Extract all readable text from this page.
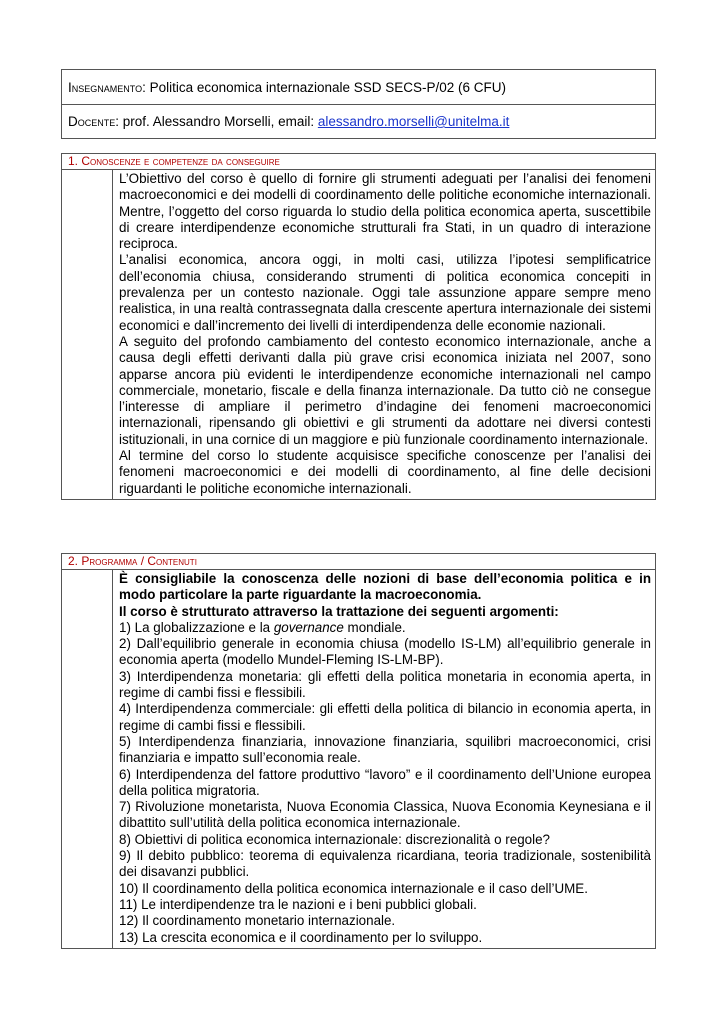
Insegnamento : Politica economica internazionale SSD SECS-P/02 (6 CFU)
Docente : prof. Alessandro Morselli, email: alessandro.morselli@unitelma.it
1. Conoscenze e competenze da conseguire

L’Obiettivo del corso è quello di fornire gli strumenti adeguati per l’analisi dei fenomeni macroeconomici e dei modelli di coordinamento delle politiche economiche internazionali. Mentre, l’oggetto del corso riguarda lo studio della politica economica aperta, suscettibile di creare interdipendenze economiche strutturali fra Stati, in un quadro di interazione reciproca.

L’analisi economica, ancora oggi, in molti casi, utilizza l’ipotesi semplificatrice dell’economia chiusa, considerando strumenti di politica economica concepiti in prevalenza per un contesto nazionale. Oggi tale assunzione appare sempre meno realistica, in una realtà contrassegnata dalla crescente apertura internazionale dei sistemi economici e dall’incremento dei livelli di interdipendenza delle economie nazionali.

A seguito del profondo cambiamento del contesto economico internazionale, anche a causa degli effetti derivanti dalla più grave crisi economica iniziata nel 2007, sono apparse ancora più evidenti le interdipendenze economiche internazionali nel campo commerciale, monetario, fiscale e della finanza internazionale. Da tutto ciò ne consegue l’interesse di ampliare il perimetro d’indagine dei fenomeni macroeconomici internazionali, ripensando gli obiettivi e gli strumenti da adottare nei diversi contesti istituzionali, in una cornice di un maggiore e più funzionale coordinamento internazionale.

Al termine del corso lo studente acquisisce specifiche conoscenze per l’analisi dei fenomeni macroeconomici e dei modelli di coordinamento, al fine delle decisioni riguardanti le politiche economiche internazionali.

2. Programma / Contenuti

È consigliabile la conoscenza delle nozioni di base dell’economia politica e in modo particolare la parte riguardante la macroeconomia.

Il corso è strutturato attraverso la trattazione dei seguenti argomenti:

1) La globalizzazione e la governance mondiale.

2) Dall’equilibrio generale in economia chiusa (modello IS-LM) all’equilibrio generale in economia aperta (modello Mundel-Fleming IS-LM-BP).

3) Interdipendenza monetaria: gli effetti della politica monetaria in economia aperta, in regime di cambi fissi e flessibili.

4) Interdipendenza commerciale: gli effetti della politica di bilancio in economia aperta, in regime di cambi fissi e flessibili.

5) Interdipendenza finanziaria, innovazione finanziaria, squilibri macroeconomici, crisi finanziaria e impatto sull’economia reale.

6) Interdipendenza del fattore produttivo “lavoro” e il coordinamento dell’Unione europea della politica migratoria.

7) Rivoluzione monetarista, Nuova Economia Classica, Nuova Economia Keynesiana e il dibattito sull’utilità della politica economica internazionale.

8) Obiettivi di politica economica internazionale: discrezionalità o regole?

9) Il debito pubblico: teorema di equivalenza ricardiana, teoria tradizionale, sostenibilità dei disavanzi pubblici.

10) Il coordinamento della politica economica internazionale e il caso dell’UME.

11) Le interdipendenze tra le nazioni e i beni pubblici globali.

12) Il coordinamento monetario internazionale.

13) La crescita economica e il coordinamento per lo sviluppo.
